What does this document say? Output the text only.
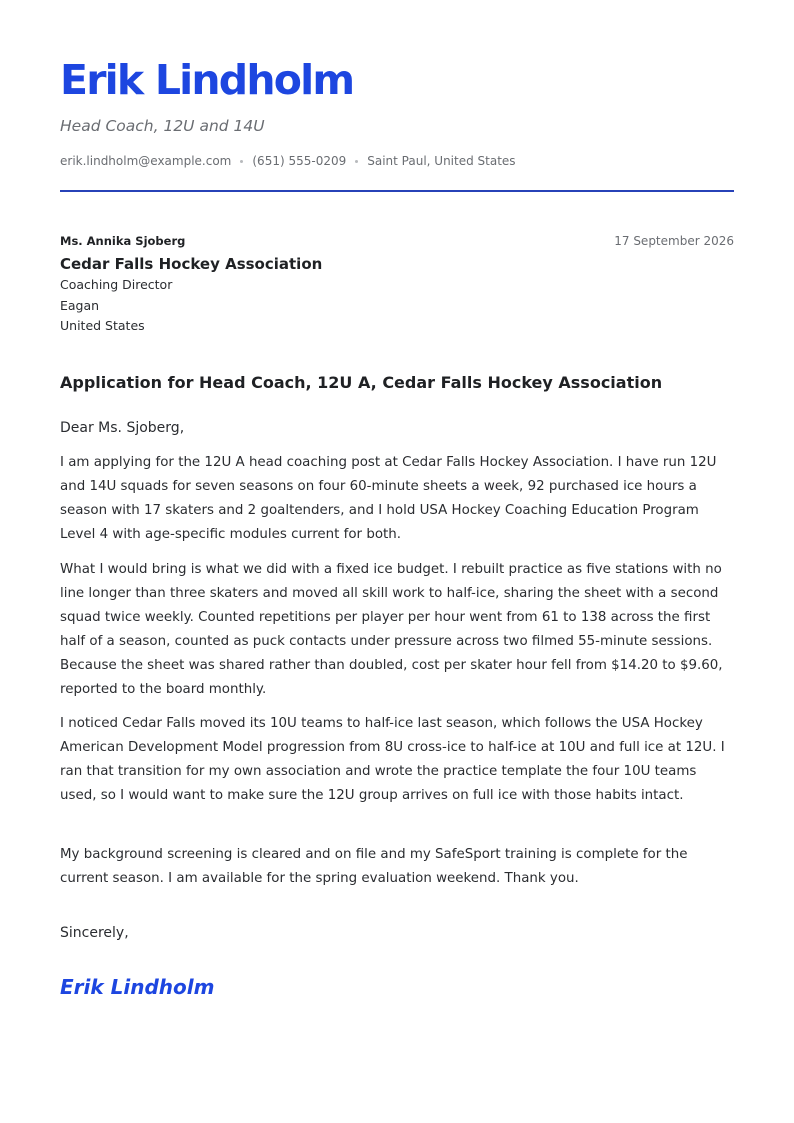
Erik Lindholm
Head Coach, 12U and 14U
erik.lindholm@example.com (651) 555-0209 Saint Paul, United States
Ms. Annika Sjoberg	17 September 2026
Cedar Falls Hockey Association
Coaching Director
Eagan
United States
Application for Head Coach, 12U A, Cedar Falls Hockey Association
Dear Ms. Sjoberg,

I am applying for the 12U A head coaching post at Cedar Falls Hockey Association. I have run 12U and 14U squads for seven seasons on four 60-minute sheets a week, 92 purchased ice hours a season with 17 skaters and 2 goaltenders, and I hold USA Hockey Coaching Education Program Level 4 with age-specific modules current for both.

What I would bring is what we did with a fixed ice budget. I rebuilt practice as five stations with no line longer than three skaters and moved all skill work to half-ice, sharing the sheet with a second squad twice weekly. Counted repetitions per player per hour went from 61 to 138 across the first half of a season, counted as puck contacts under pressure across two filmed 55-minute sessions. Because the sheet was shared rather than doubled, cost per skater hour fell from $14.20 to $9.60, reported to the board monthly.

I noticed Cedar Falls moved its 10U teams to half-ice last season, which follows the USA Hockey American Development Model progression from 8U cross-ice to half-ice at 10U and full ice at 12U. I ran that transition for my own association and wrote the practice template the four 10U teams used, so I would want to make sure the 12U group arrives on full ice with those habits intact.

My background screening is cleared and on file and my SafeSport training is complete for the current season. I am available for the spring evaluation weekend. Thank you.

Sincerely,
Erik Lindholm
